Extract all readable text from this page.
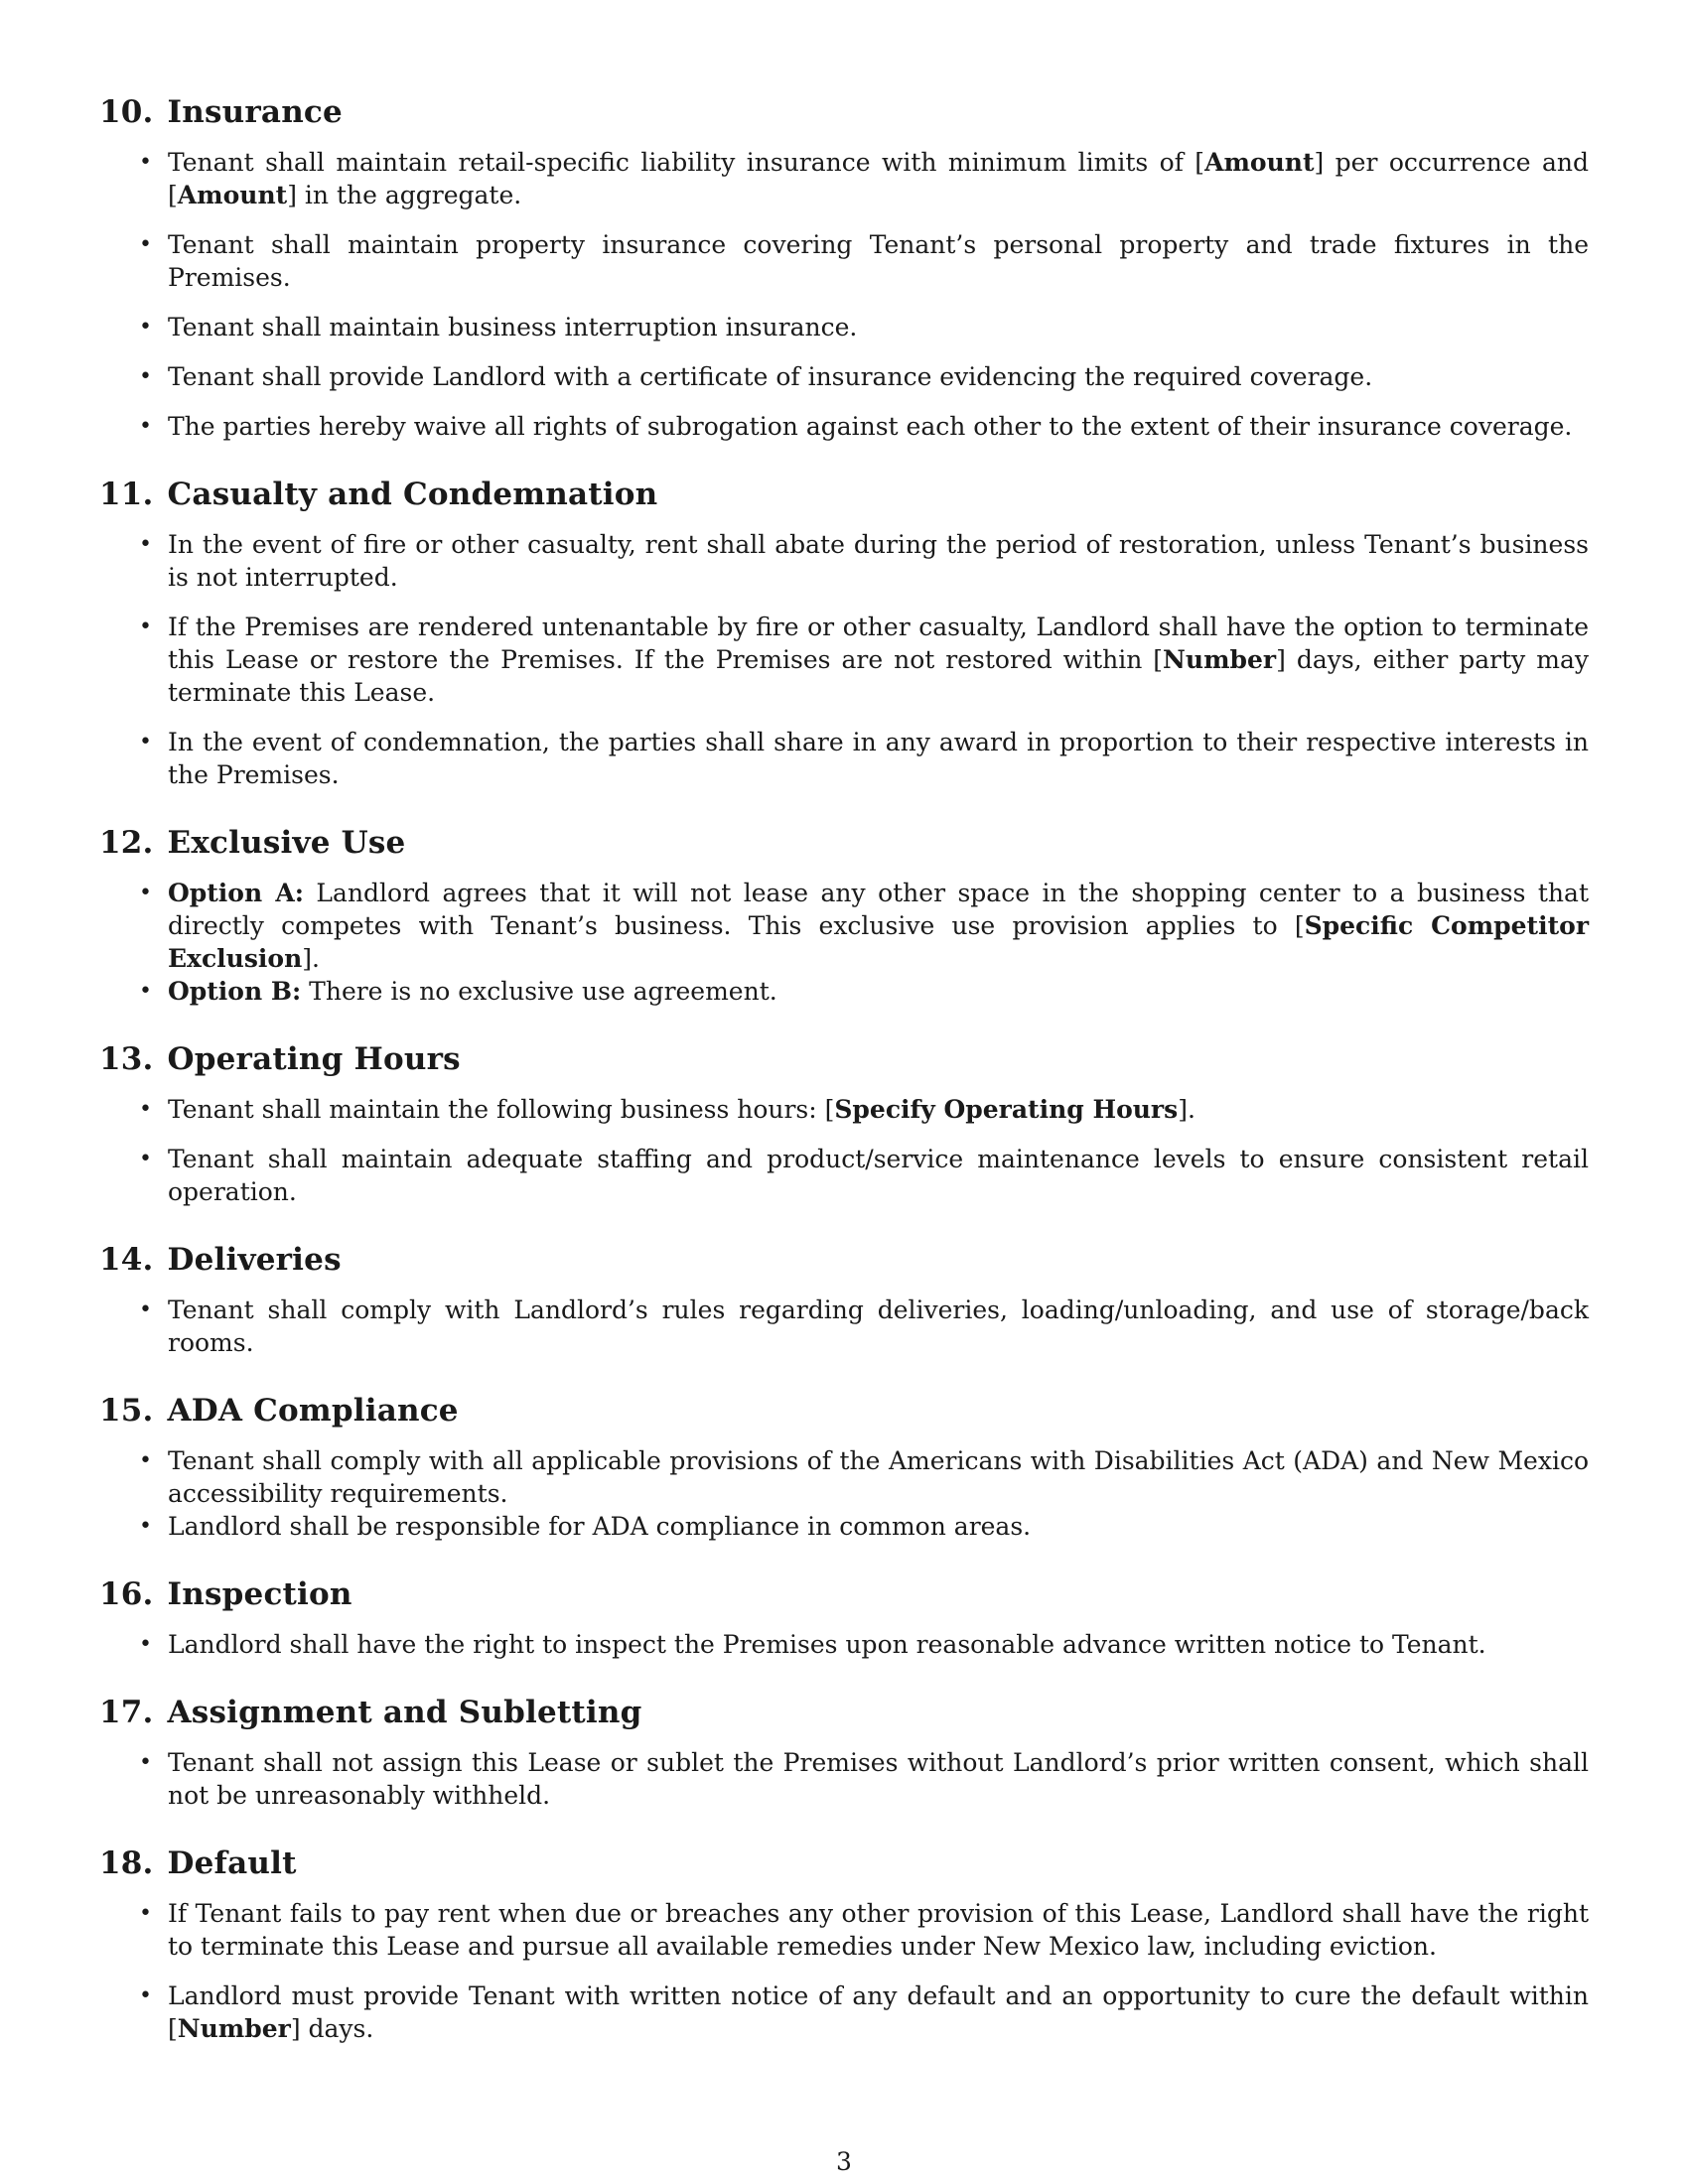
10. Insurance
• Tenant shall maintain retail-specific liability insurance with minimum limits of [Amount] per occurrence and [Amount] in the aggregate.
• Tenant shall maintain property insurance covering Tenant’s personal property and trade fixtures in the Premises.
• Tenant shall maintain business interruption insurance.
• Tenant shall provide Landlord with a certificate of insurance evidencing the required coverage.
• The parties hereby waive all rights of subrogation against each other to the extent of their insurance coverage.
11. Casualty and Condemnation
• In the event of fire or other casualty, rent shall abate during the period of restoration, unless Tenant’s business is not interrupted.
• If the Premises are rendered untenantable by fire or other casualty, Landlord shall have the option to terminate this Lease or restore the Premises. If the Premises are not restored within [Number] days, either party may terminate this Lease.
• In the event of condemnation, the parties shall share in any award in proportion to their respective interests in the Premises.
12. Exclusive Use
• Option A: Landlord agrees that it will not lease any other space in the shopping center to a business that directly competes with Tenant’s business. This exclusive use provision applies to [Specific Competitor Exclusion].
• Option B: There is no exclusive use agreement.
13. Operating Hours
• Tenant shall maintain the following business hours: [Specify Operating Hours].
• Tenant shall maintain adequate staffing and product/service maintenance levels to ensure consistent retail operation.
14. Deliveries
• Tenant shall comply with Landlord’s rules regarding deliveries, loading/unloading, and use of storage/back rooms.
15. ADA Compliance
• Tenant shall comply with all applicable provisions of the Americans with Disabilities Act (ADA) and New Mexico accessibility requirements.
• Landlord shall be responsible for ADA compliance in common areas.
16. Inspection
• Landlord shall have the right to inspect the Premises upon reasonable advance written notice to Tenant.
17. Assignment and Subletting
• Tenant shall not assign this Lease or sublet the Premises without Landlord’s prior written consent, which shall not be unreasonably withheld.
18. Default
• If Tenant fails to pay rent when due or breaches any other provision of this Lease, Landlord shall have the right to terminate this Lease and pursue all available remedies under New Mexico law, including eviction.
• Landlord must provide Tenant with written notice of any default and an opportunity to cure the default within [Number] days.
3
